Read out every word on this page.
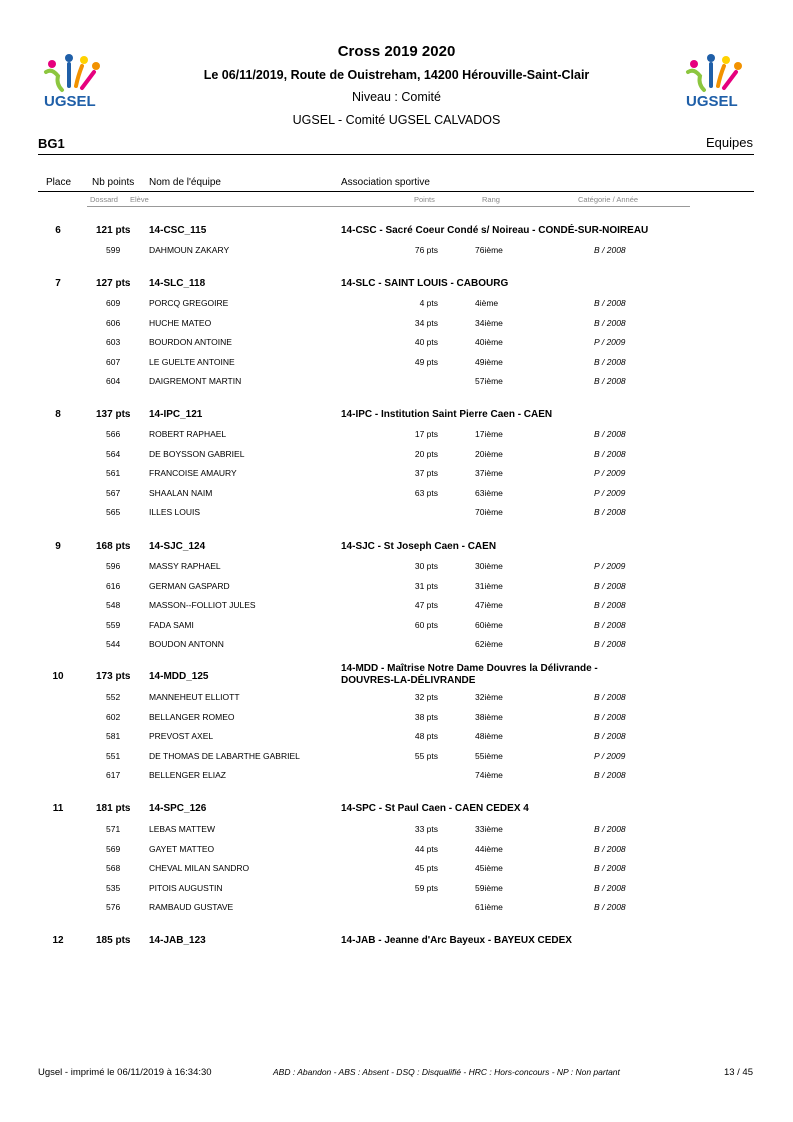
UGSEL	UGSEL
Cross 2019 2020
Le 06/11/2019, Route de Ouistreham, 14200 Hérouville-Saint-Clair
Niveau : Comité
UGSEL - Comité UGSEL CALVADOS
BG1	Equipes
Place Nb points Nom de l'équipe	Association sportive
Dossard Elève	Points	Rang	Catégorie / Année
6	121 pts 14-CSC_115	14-CSC - Sacré Coeur Condé s/ Noireau - CONDÉ-SUR-NOIREAU
599	DAHMOUN ZAKARY	76 pts	76ième	B / 2008
7	127 pts 14-SLC_118	14-SLC - SAINT LOUIS - CABOURG
609	PORCQ GREGOIRE	4 pts	4ième	B / 2008
606	HUCHE MATEO	34 pts	34ième	B / 2008
603	BOURDON ANTOINE	40 pts	40ième	P / 2009
607	LE GUELTE ANTOINE	49 pts	49ième	B / 2008
604	DAIGREMONT MARTIN	57ième	B / 2008
8	137 pts 14-IPC_121	14-IPC - Institution Saint Pierre Caen - CAEN
566	ROBERT RAPHAEL	17 pts	17ième	B / 2008
564	DE BOYSSON GABRIEL	20 pts	20ième	B / 2008
561	FRANCOISE AMAURY	37 pts	37ième	P / 2009
567	SHAALAN NAIM	63 pts	63ième	P / 2009
565	ILLES LOUIS	70ième	B / 2008
9	168 pts 14-SJC_124	14-SJC - St Joseph Caen - CAEN
596	MASSY RAPHAEL	30 pts	30ième	P / 2009
616	GERMAN GASPARD	31 pts	31ième	B / 2008
548	MASSON--FOLLIOT JULES	47 pts	47ième	B / 2008
559	FADA SAMI	60 pts	60ième	B / 2008
544	BOUDON ANTONN	62ième	B / 2008
10	173 pts 14-MDD_125
14-MDD - Maîtrise Notre Dame Douvres la Délivrande -
DOUVRES-LA-DÉLIVRANDE
552	MANNEHEUT ELLIOTT	32 pts	32ième	B / 2008
602	BELLANGER ROMEO	38 pts	38ième	B / 2008
581	PREVOST AXEL	48 pts	48ième	B / 2008
551	DE THOMAS DE LABARTHE GABRIEL	55 pts	55ième	P / 2009
617	BELLENGER ELIAZ	74ième	B / 2008
11	181 pts 14-SPC_126	14-SPC - St Paul Caen - CAEN CEDEX 4
571	LEBAS MATTEW	33 pts	33ième	B / 2008
569	GAYET MATTEO	44 pts	44ième	B / 2008
568	CHEVAL MILAN SANDRO	45 pts	45ième	B / 2008
535	PITOIS AUGUSTIN	59 pts	59ième	B / 2008
576	RAMBAUD GUSTAVE	61ième	B / 2008
12	185 pts 14-JAB_123	14-JAB - Jeanne d'Arc Bayeux - BAYEUX CEDEX
Ugsel - imprimé le 06/11/2019 à 16:34:30	ABD : Abandon - ABS : Absent - DSQ : Disqualifié - HRC : Hors-concours - NP : Non partant	13 / 45
